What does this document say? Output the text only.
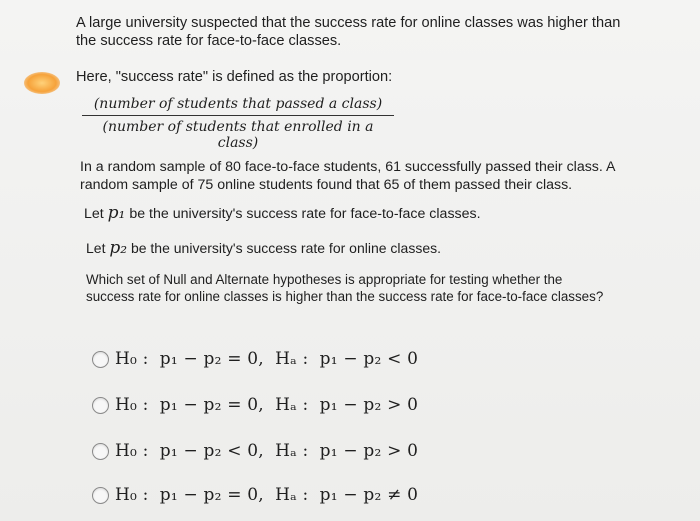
A large university suspected that the success rate for online classes was higher than the success rate for face-to-face classes.
Here, "success rate" is defined as the proportion:
(number of students that passed a class)
(number of students that enrolled in a class)
In a random sample of 80 face-to-face students, 61 successfully passed their class. A random sample of 75 online students found that 65 of them passed their class.
Let p₁ be the university's success rate for face-to-face classes.
Let p₂ be the university's success rate for online classes.
Which set of Null and Alternate hypotheses is appropriate for testing whether the success rate for online classes is higher than the success rate for face-to-face classes?
H₀ :  p₁ − p₂ = 0,  Hₐ :  p₁ − p₂ < 0
H₀ :  p₁ − p₂ = 0,  Hₐ :  p₁ − p₂ > 0
H₀ :  p₁ − p₂ < 0,  Hₐ :  p₁ − p₂ > 0
H₀ :  p₁ − p₂ = 0,  Hₐ :  p₁ − p₂ ≠ 0
